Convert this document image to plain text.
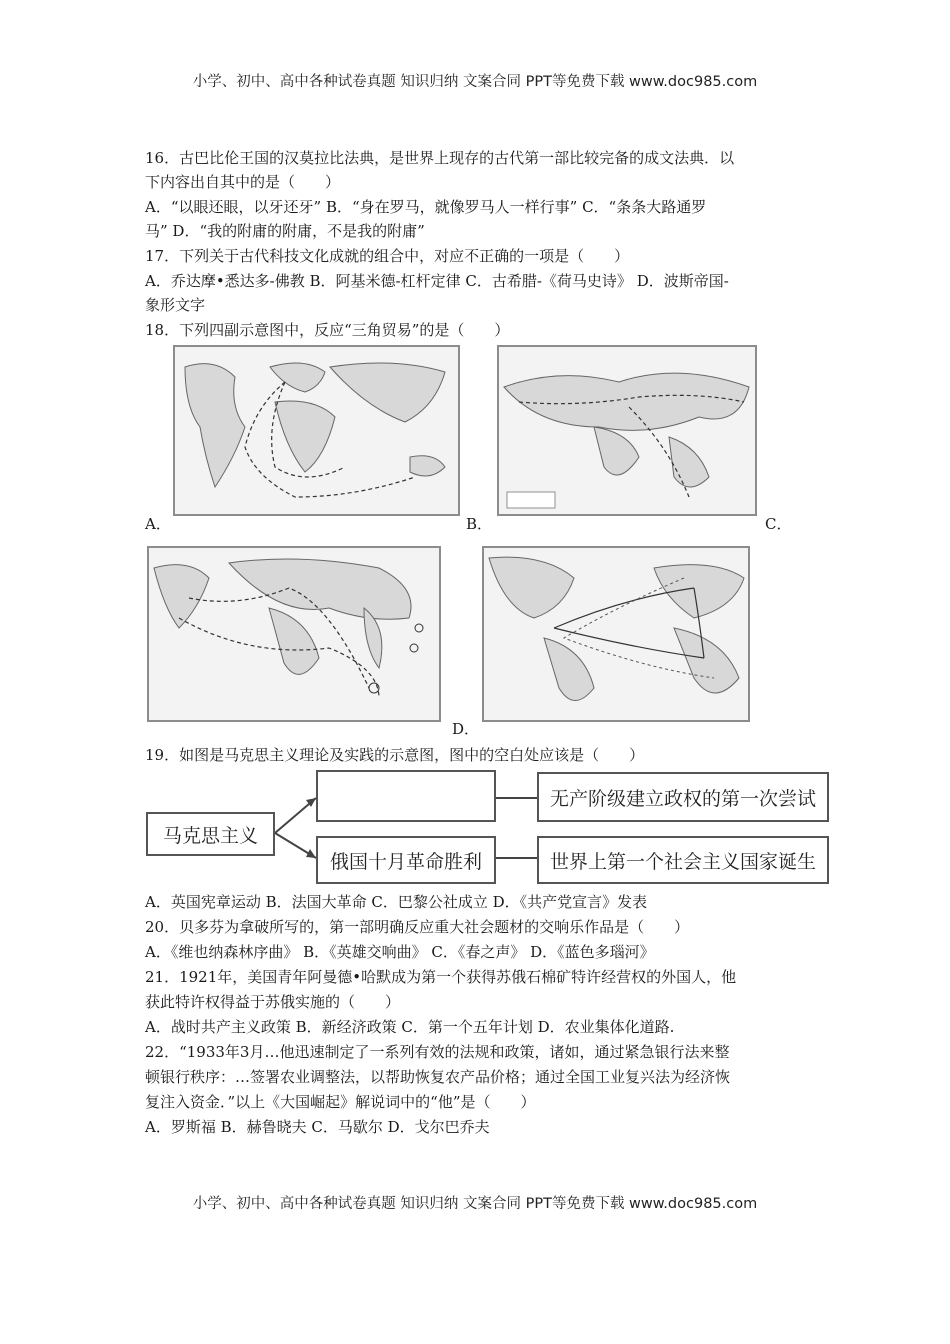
小学、初中、高中各种试卷真题 知识归纳 文案合同 PPT等免费下载 www.doc985.com
16．古巴比伦王国的汉莫拉比法典，是世界上现存的古代第一部比较完备的成文法典．以
下内容出自其中的是（　　）
A．“以眼还眼，以牙还牙” B．“身在罗马，就像罗马人一样行事” C．“条条大路通罗
马” D．“我的附庸的附庸，不是我的附庸”
17．下列关于古代科技文化成就的组合中，对应不正确的一项是（　　）
A．乔达摩•悉达多-佛教 B．阿基米德-杠杆定律 C．古希腊-《荷马史诗》 D．波斯帝国-
象形文字
18．下列四副示意图中，反应“三角贸易”的是（　　）
A．	B．	C．
D．
19．如图是马克思主义理论及实践的示意图，图中的空白处应该是（　　）
马克思主义
俄国十月革命胜利
无产阶级建立政权的第一次尝试
世界上第一个社会主义国家诞生
A．英国宪章运动 B．法国大革命 C．巴黎公社成立 D．《共产党宣言》发表
20．贝多芬为拿破所写的，第一部明确反应重大社会题材的交响乐作品是（　　）
A．《维也纳森林序曲》 B．《英雄交响曲》 C．《春之声》 D．《蓝色多瑙河》
21．1921年，美国青年阿曼德•哈默成为第一个获得苏俄石棉矿特许经营权的外国人，他
获此特许权得益于苏俄实施的（　　）
A．战时共产主义政策 B．新经济政策 C．第一个五年计划 D．农业集体化道路.
22．“1933年3月…他迅速制定了一系列有效的法规和政策，诸如，通过紧急银行法来整
顿银行秩序：…签署农业调整法，以帮助恢复农产品价格；通过全国工业复兴法为经济恢
复注入资金．”以上《大国崛起》解说词中的“他”是（　　）
A．罗斯福 B．赫鲁晓夫 C．马歇尔 D．戈尔巴乔夫
小学、初中、高中各种试卷真题 知识归纳 文案合同 PPT等免费下载 www.doc985.com
